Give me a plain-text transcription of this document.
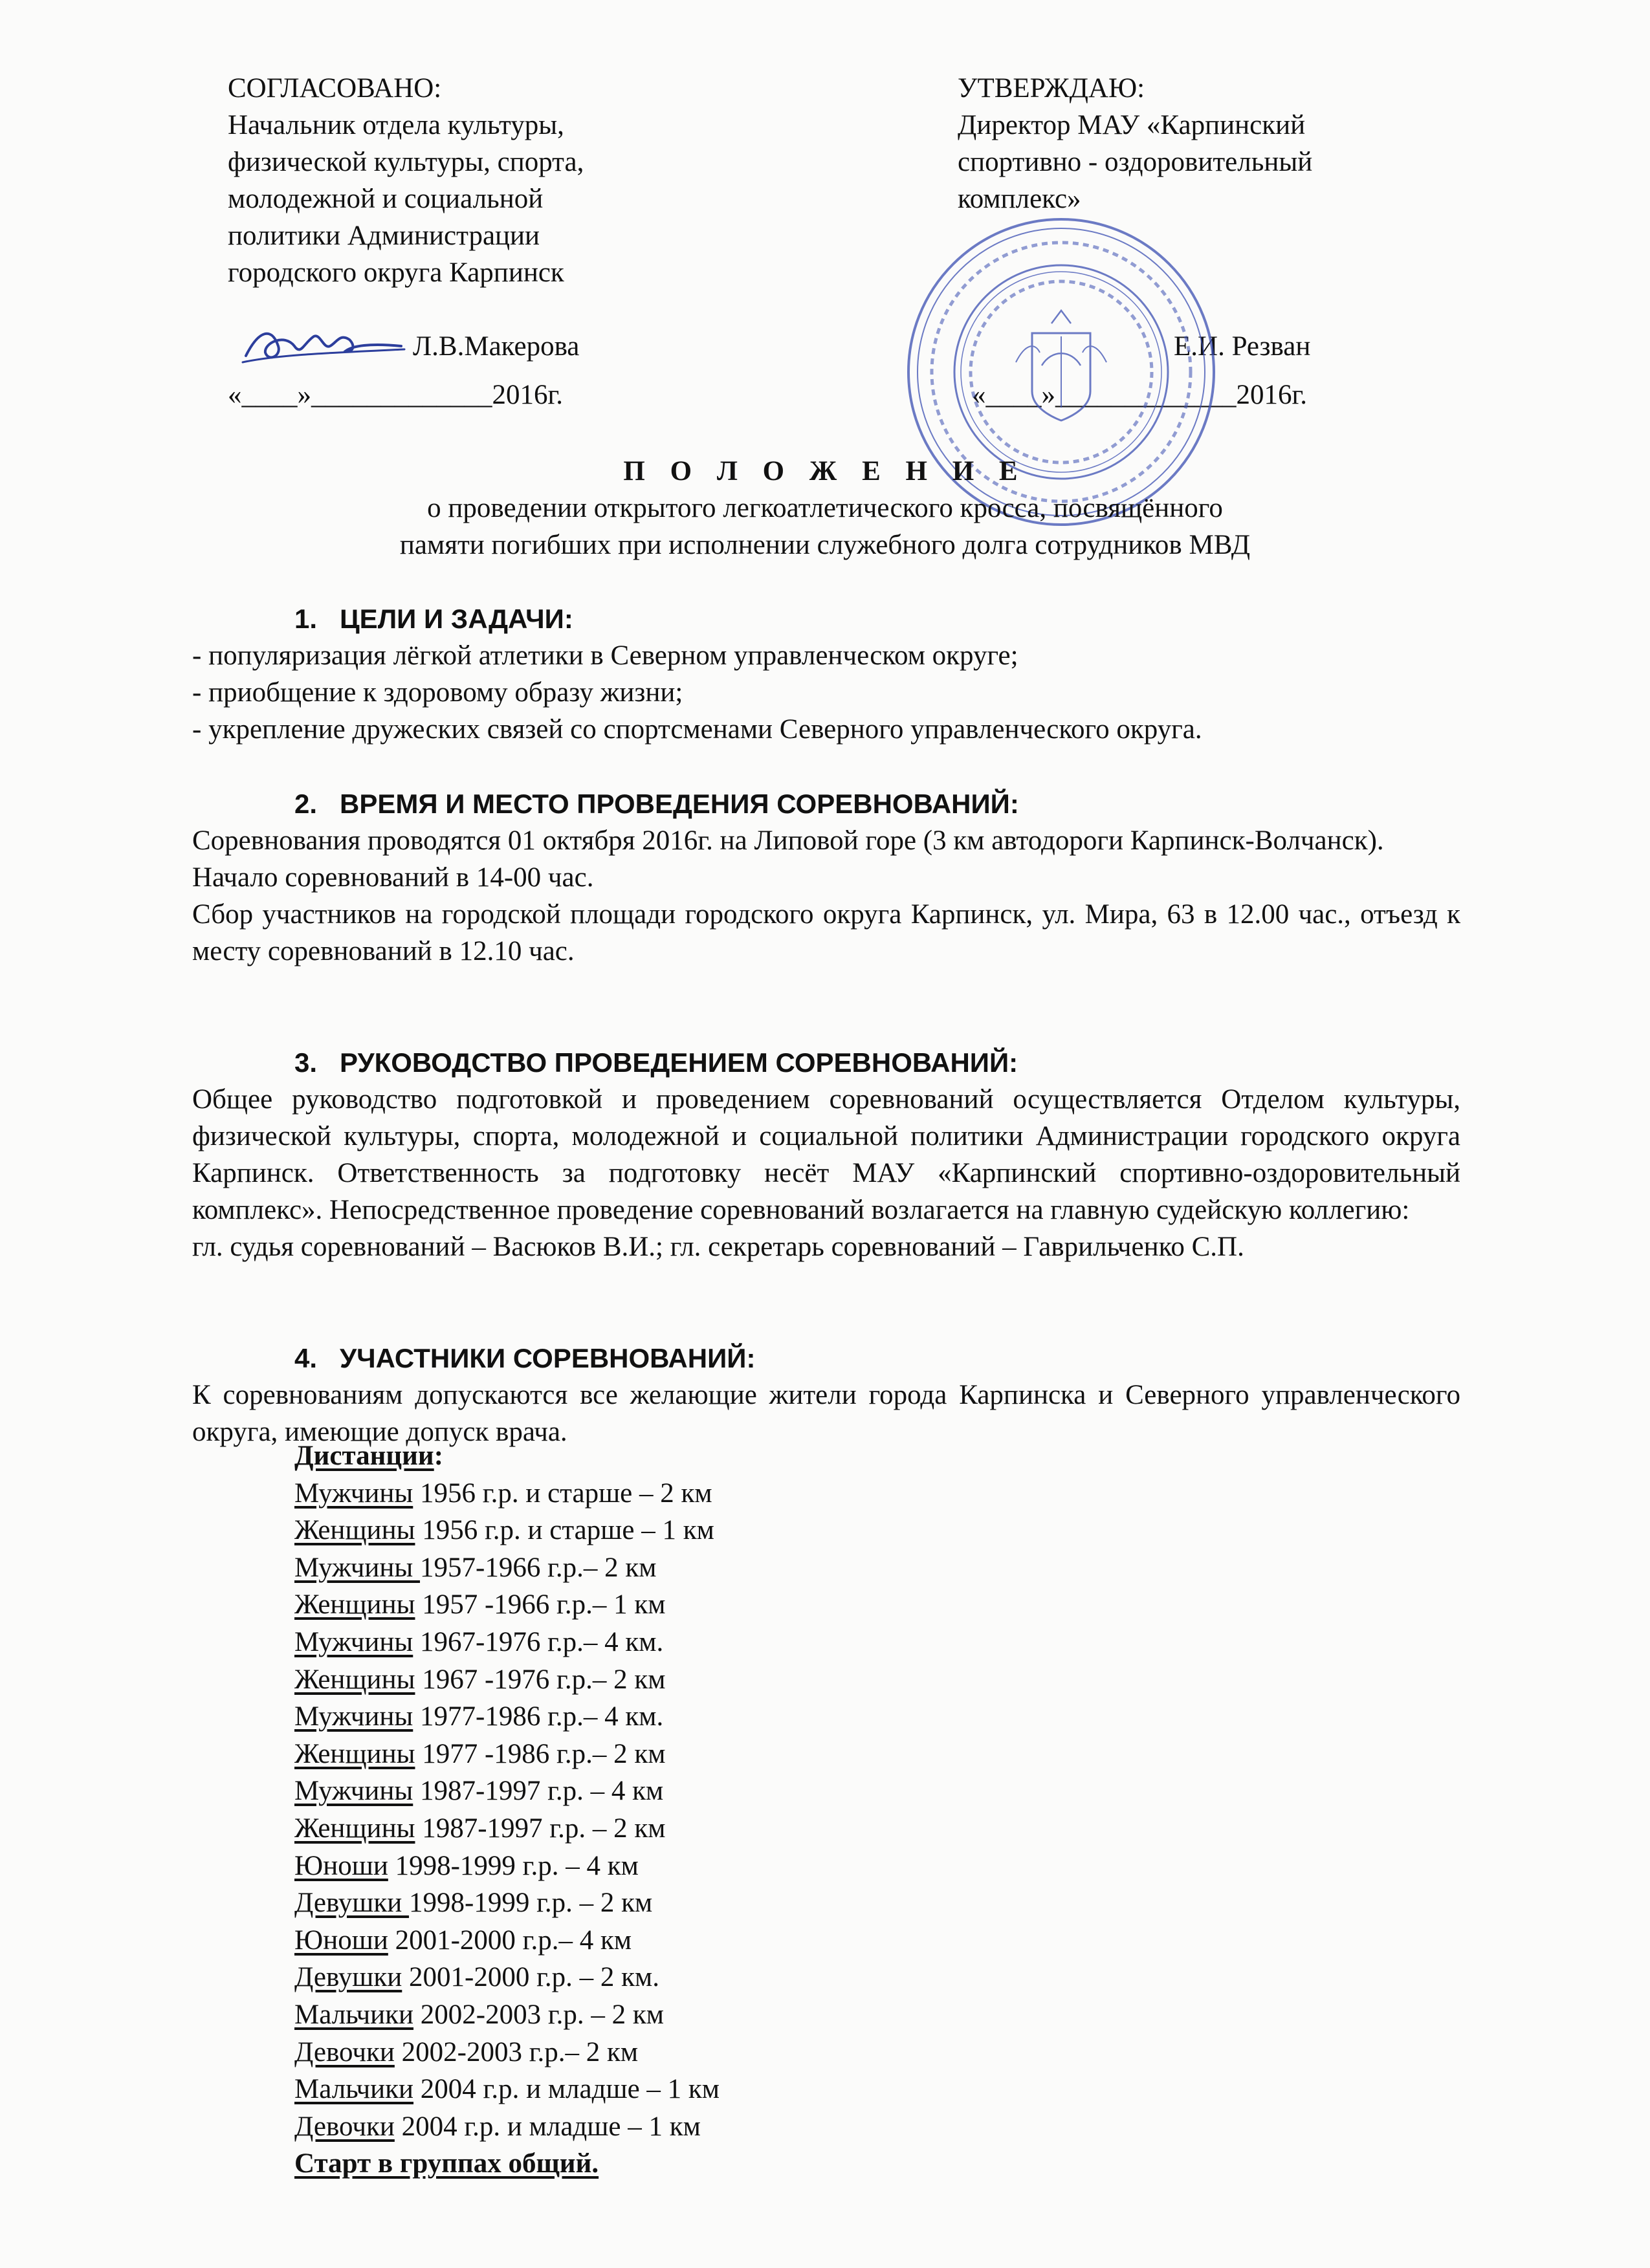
СОГЛАСОВАНО:
Начальник отдела культуры,
физической культуры, спорта,
молодежной и социальной
политики Администрации
городского округа Карпинск
Л.В.Макерова
«____»_____________2016г.
УТВЕРЖДАЮ:
Директор МАУ «Карпинский
спортивно - оздоровительный
комплекс»
Е.И. Резван
«____»_____________2016г.
П О Л О Ж Е Н И Е
о проведении открытого легкоатлетического кросса, посвящённого
памяти погибших при исполнении служебного долга сотрудников МВД
1. ЦЕЛИ И ЗАДАЧИ:
- популяризация лёгкой атлетики в Северном управленческом округе;
- приобщение к здоровому образу жизни;
- укрепление дружеских связей со спортсменами Северного управленческого округа.
2. ВРЕМЯ И МЕСТО ПРОВЕДЕНИЯ СОРЕВНОВАНИЙ:
Соревнования проводятся 01 октября 2016г. на Липовой горе (3 км автодороги Карпинск-Волчанск).
Начало соревнований в 14-00 час.
Сбор участников на городской площади городского округа Карпинск, ул. Мира, 63 в 12.00 час., отъезд к месту соревнований в 12.10 час.
3. РУКОВОДСТВО ПРОВЕДЕНИЕМ СОРЕВНОВАНИЙ:
Общее руководство подготовкой и проведением соревнований осуществляется Отделом культуры, физической культуры, спорта, молодежной и социальной политики Администрации городского округа Карпинск. Ответственность за подготовку несёт МАУ «Карпинский спортивно-оздоровительный комплекс». Непосредственное проведение соревнований возлагается на главную судейскую коллегию:
гл. судья соревнований – Васюков В.И.; гл. секретарь соревнований – Гаврильченко С.П.
4. УЧАСТНИКИ СОРЕВНОВАНИЙ:
К соревнованиям допускаются все желающие жители города Карпинска и Северного управленческого округа, имеющие допуск врача.
Дистанции:
Мужчины 1956 г.р. и старше – 2 км
Женщины 1956 г.р. и старше – 1 км
Мужчины 1957-1966 г.р.– 2 км
Женщины 1957 -1966 г.р.– 1 км
Мужчины 1967-1976 г.р.– 4 км.
Женщины 1967 -1976 г.р.– 2 км
Мужчины 1977-1986 г.р.– 4 км.
Женщины 1977 -1986 г.р.– 2 км
Мужчины 1987-1997 г.р. – 4 км
Женщины 1987-1997 г.р. – 2 км
Юноши 1998-1999 г.р. – 4 км
Девушки 1998-1999 г.р. – 2 км
Юноши 2001-2000 г.р.– 4 км
Девушки 2001-2000 г.р. – 2 км.
Мальчики 2002-2003 г.р. – 2 км
Девочки 2002-2003 г.р.– 2 км
Мальчики 2004 г.р. и младше – 1 км
Девочки 2004 г.р. и младше – 1 км
Старт в группах общий.
